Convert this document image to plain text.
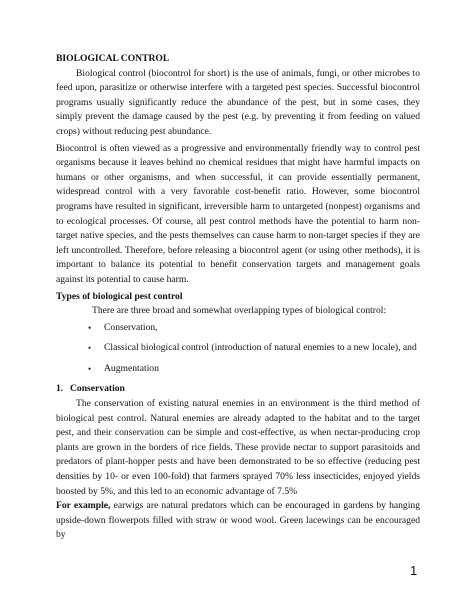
BIOLOGICAL CONTROL

Biological control (biocontrol for short) is the use of animals, fungi, or other microbes to feed upon, parasitize or otherwise interfere with a targeted pest species. Successful biocontrol programs usually significantly reduce the abundance of the pest, but in some cases, they simply prevent the damage caused by the pest (e.g. by preventing it from feeding on valued crops) without reducing pest abundance.

Biocontrol is often viewed as a progressive and environmentally friendly way to control pest organisms because it leaves behind no chemical residues that might have harmful impacts on humans or other organisms, and when successful, it can provide essentially permanent, widespread control with a very favorable cost-benefit ratio. However, some biocontrol programs have resulted in significant, irreversible harm to untargeted (nonpest) organisms and to ecological processes. Of course, all pest control methods have the potential to harm non-target native species, and the pests themselves can cause harm to non-target species if they are left uncontrolled. Therefore, before releasing a biocontrol agent (or using other methods), it is important to balance its potential to benefit conservation targets and management goals against its potential to cause harm.

Types of biological pest control

There are three broad and somewhat overlapping types of biological control:

• Conservation,
• Classical biological control (introduction of natural enemies to a new locale), and
• Augmentation

1. Conservation

The conservation of existing natural enemies in an environment is the third method of biological pest control. Natural enemies are already adapted to the habitat and to the target pest, and their conservation can be simple and cost-effective, as when nectar-producing crop plants are grown in the borders of rice fields. These provide nectar to support parasitoids and predators of plant-hopper pests and have been demonstrated to be so effective (reducing pest densities by 10- or even 100-fold) that farmers sprayed 70% less insecticides, enjoyed yields boosted by 5%, and this led to an economic advantage of 7.5%

For example, earwigs are natural predators which can be encouraged in gardens by hanging upside-down flowerpots filled with straw or wood wool. Green lacewings can be encouraged by

1
